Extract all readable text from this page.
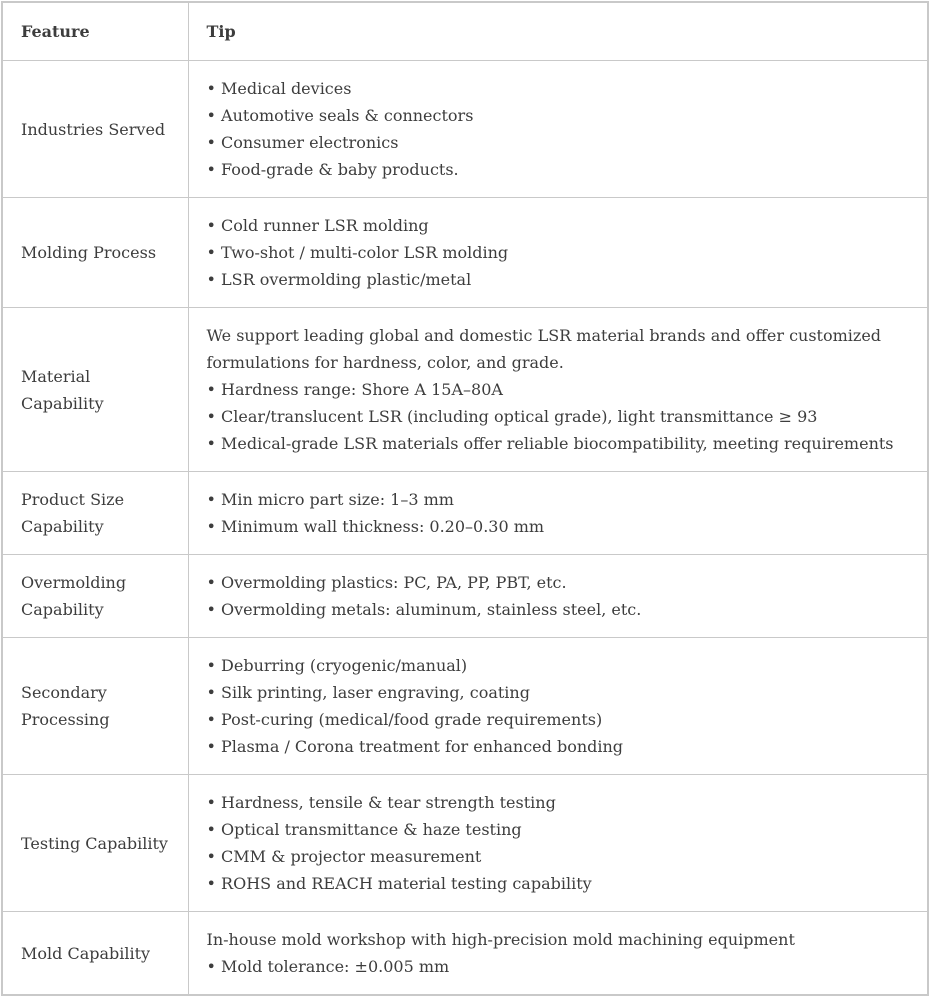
Feature	Tip
Industries Served	• Medical devices
• Automotive seals & connectors
• Consumer electronics
• Food-grade & baby products.

Molding Process	• Cold runner LSR molding
• Two-shot / multi-color LSR molding
• LSR overmolding plastic/metal

Material Capability	We support leading global and domestic LSR material brands and offer customized formulations for hardness, color, and grade.
• Hardness range: Shore A 15A–80A
• Clear/translucent LSR (including optical grade), light transmittance ≥ 93
• Medical-grade LSR materials offer reliable biocompatibility, meeting requirements

Product Size Capability	• Min micro part size: 1–3 mm
• Minimum wall thickness: 0.20–0.30 mm

Overmolding Capability	• Overmolding plastics: PC, PA, PP, PBT, etc.
• Overmolding metals: aluminum, stainless steel, etc.

Secondary Processing	• Deburring (cryogenic/manual)
• Silk printing, laser engraving, coating
• Post-curing (medical/food grade requirements)
• Plasma / Corona treatment for enhanced bonding

Testing Capability	• Hardness, tensile & tear strength testing
• Optical transmittance & haze testing
• CMM & projector measurement
• ROHS and REACH material testing capability

Mold Capability	In-house mold workshop with high-precision mold machining equipment
• Mold tolerance: ±0.005 mm
